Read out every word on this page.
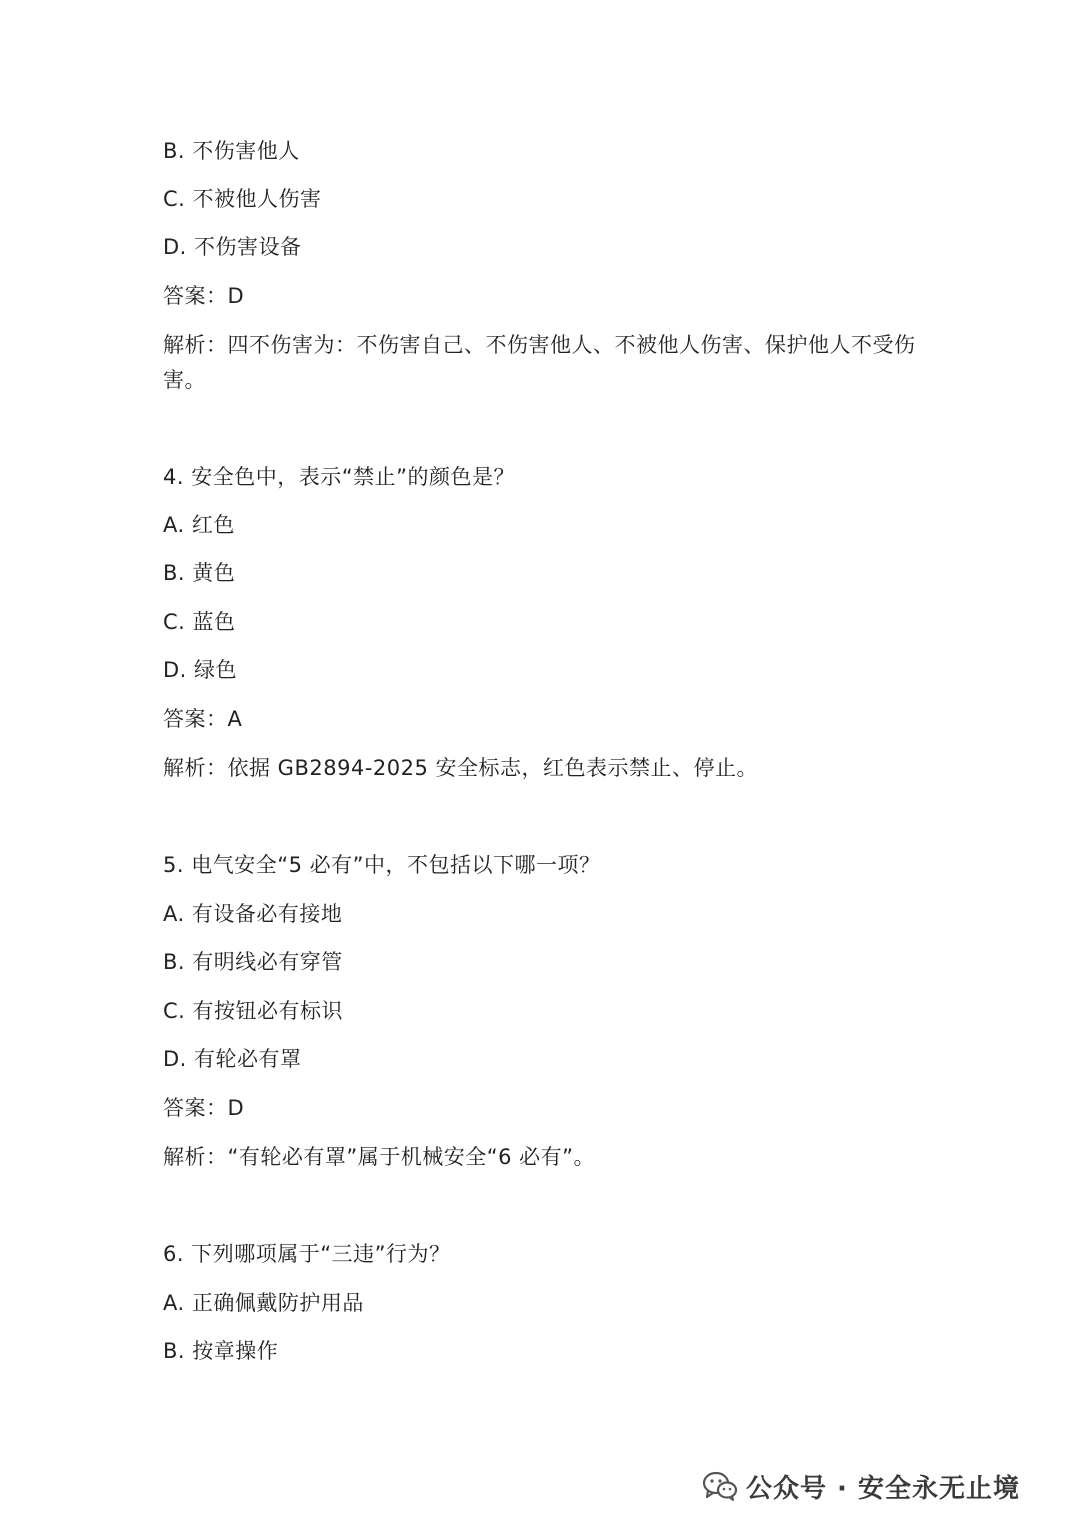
B. 不伤害他人
C. 不被他人伤害
D. 不伤害设备
答案：D
解析：四不伤害为：不伤害自己、不伤害他人、不被他人伤害、保护他人不受伤
害。
4. 安全色中，表示“禁止”的颜色是？
A. 红色
B. 黄色
C. 蓝色
D. 绿色
答案：A
解析：依据 GB2894-2025 安全标志，红色表示禁止、停止。
5. 电气安全“5 必有”中，不包括以下哪一项？
A. 有设备必有接地
B. 有明线必有穿管
C. 有按钮必有标识
D. 有轮必有罩
答案：D
解析：“有轮必有罩”属于机械安全“6 必有”。
6. 下列哪项属于“三违”行为？
A. 正确佩戴防护用品
B. 按章操作
公众号 · 安全永无止境
